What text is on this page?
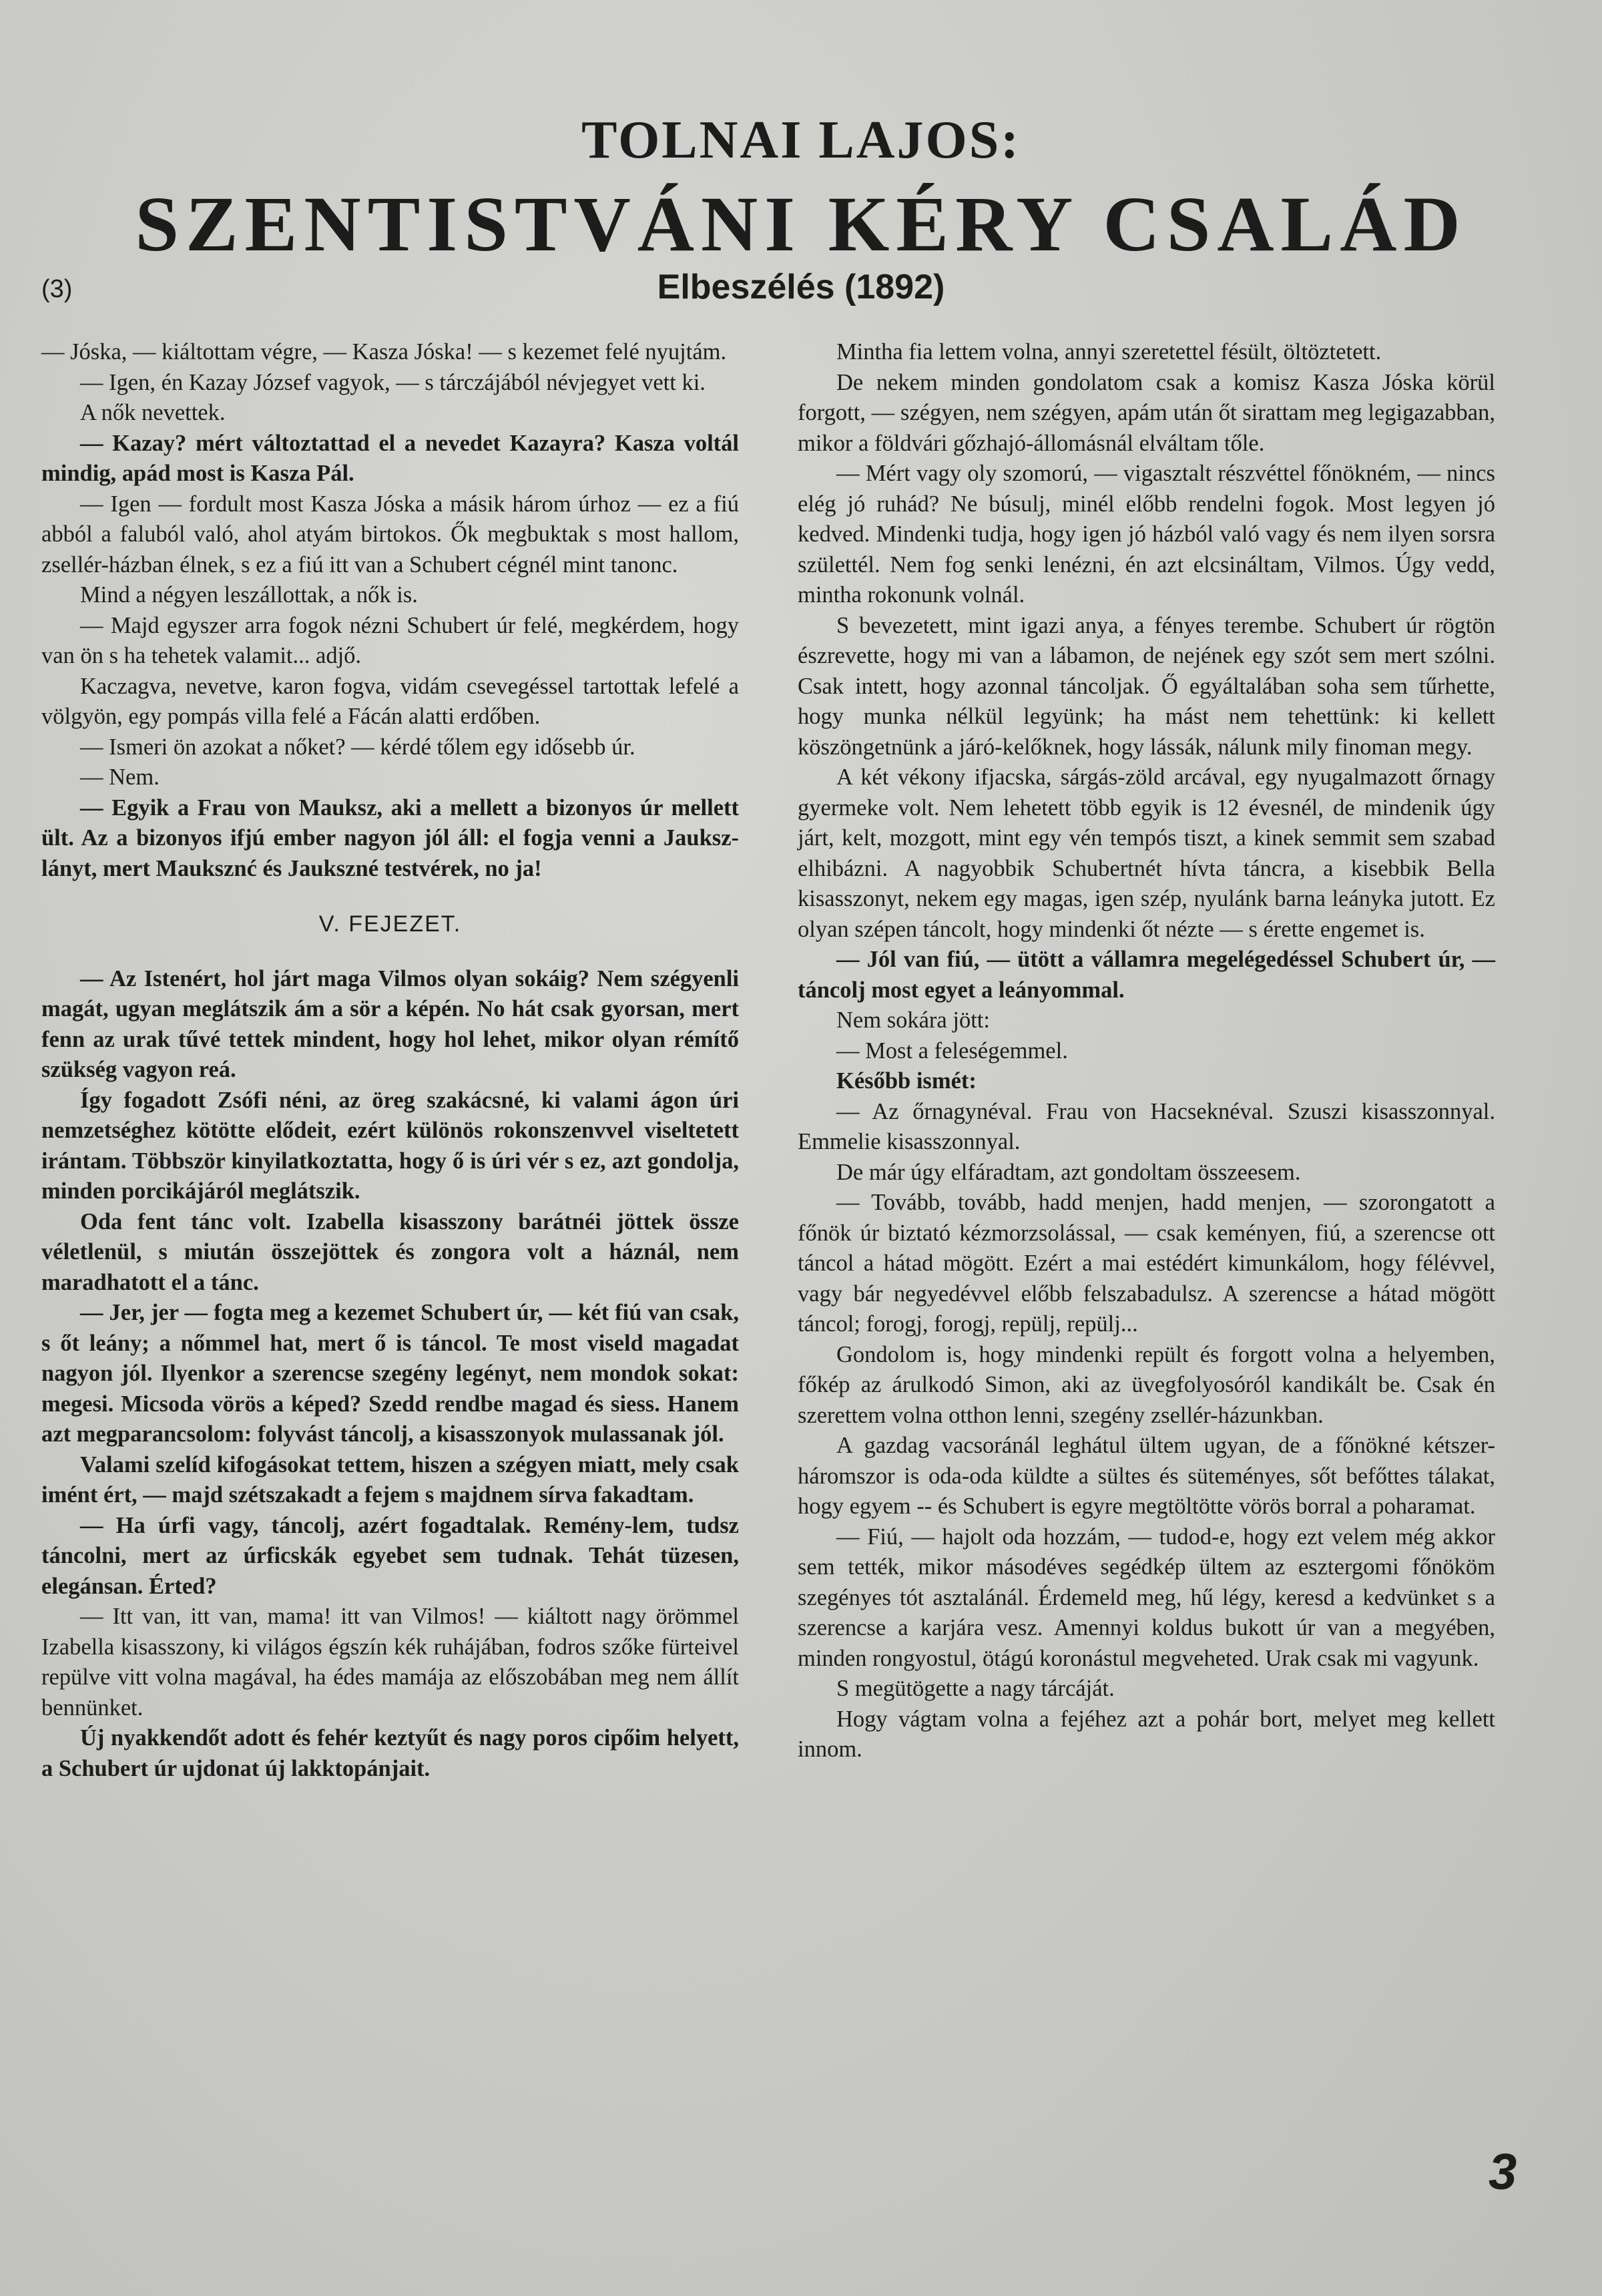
TOLNAI LAJOS:
SZENTISTVÁNI KÉRY CSALÁD
(3)	Elbeszélés (1892)

— Jóska, — kiáltottam végre, — Kasza Jóska! — s kezemet felé nyujtám.

— Igen, én Kazay József vagyok, — s tárczájából névjegyet vett ki.

A nők nevettek.

— Kazay? mért változtattad el a nevedet Kazayra? Kasza voltál mindig, apád most is Kasza Pál.

— Igen — fordult most Kasza Jóska a másik három úrhoz — ez a fiú abból a faluból való, ahol atyám birtokos. Ők megbuktak s most hallom, zsellér-házban élnek, s ez a fiú itt van a Schubert cégnél mint tanonc.

Mind a négyen leszállottak, a nők is.

— Majd egyszer arra fogok nézni Schubert úr felé, megkérdem, hogy van ön s ha tehetek valamit... adjő.

Kaczagva, nevetve, karon fogva, vidám csevegéssel tartottak lefelé a völgyön, egy pompás villa felé a Fácán alatti erdőben.

— Ismeri ön azokat a nőket? — kérdé tőlem egy idősebb úr.

— Nem.

— Egyik a Frau von Mauksz, aki a mellett a bizonyos úr mellett ült. Az a bizonyos ifjú ember nagyon jól áll: el fogja venni a Jauksz-lányt, mert Mauksznć és Jaukszné testvérek, no ja!

V. FEJEZET.

— Az Istenért, hol járt maga Vilmos olyan sokáig? Nem szégyenli magát, ugyan meglátszik ám a sör a képén. No hát csak gyorsan, mert fenn az urak tűvé tettek mindent, hogy hol lehet, mikor olyan rémítő szükség vagyon reá.

Így fogadott Zsófi néni, az öreg szakácsné, ki valami ágon úri nemzetséghez kötötte elődeit, ezért különös rokonszenvvel viseltetett irántam. Többször kinyilatkoztatta, hogy ő is úri vér s ez, azt gondolja, minden porcikájáról meglátszik.

Oda fent tánc volt. Izabella kisasszony barátnéi jöttek össze véletlenül, s miután összejöttek és zongora volt a háznál, nem maradhatott el a tánc.

— Jer, jer — fogta meg a kezemet Schubert úr, — két fiú van csak, s őt leány; a nőmmel hat, mert ő is táncol. Te most viseld magadat nagyon jól. Ilyenkor a szerencse szegény legényt, nem mondok sokat: megesi. Micsoda vörös a képed? Szedd rendbe magad és siess. Hanem azt megparancsolom: folyvást táncolj, a kisasszonyok mulassanak jól.

Valami szelíd kifogásokat tettem, hiszen a szégyen miatt, mely csak imént ért, — majd szétszakadt a fejem s majdnem sírva fakadtam.

— Ha úrfi vagy, táncolj, azért fogadtalak. Remény-lem, tudsz táncolni, mert az úrficskák egyebet sem tudnak. Tehát tüzesen, elegánsan. Érted?

— Itt van, itt van, mama! itt van Vilmos! — kiáltott nagy örömmel Izabella kisasszony, ki világos égszín kék ruhájában, fodros szőke fürteivel repülve vitt volna magával, ha édes mamája az előszobában meg nem állít bennünket.

Új nyakkendőt adott és fehér keztyűt és nagy poros cipőim helyett, a Schubert úr ujdonat új lakktopánjait.

Mintha fia lettem volna, annyi szeretettel fésült, öltöztetett.

De nekem minden gondolatom csak a komisz Kasza Jóska körül forgott, — szégyen, nem szégyen, apám után őt sirattam meg legigazabban, mikor a földvári gőzhajó-állomásnál elváltam tőle.

— Mért vagy oly szomorú, — vigasztalt részvéttel főnökném, — nincs elég jó ruhád? Ne búsulj, minél előbb rendelni fogok. Most legyen jó kedved. Mindenki tudja, hogy igen jó házból való vagy és nem ilyen sorsra születtél. Nem fog senki lenézni, én azt elcsináltam, Vilmos. Úgy vedd, mintha rokonunk volnál.

S bevezetett, mint igazi anya, a fényes terembe. Schubert úr rögtön észrevette, hogy mi van a lábamon, de nejének egy szót sem mert szólni. Csak intett, hogy azonnal táncoljak. Ő egyáltalában soha sem tűrhette, hogy munka nélkül legyünk; ha mást nem tehettünk: ki kellett köszöngetnünk a járó-kelőknek, hogy lássák, nálunk mily finoman megy.

A két vékony ifjacska, sárgás-zöld arcával, egy nyugalmazott őrnagy gyermeke volt. Nem lehetett több egyik is 12 évesnél, de mindenik úgy járt, kelt, mozgott, mint egy vén tempós tiszt, a kinek semmit sem szabad elhibázni. A nagyobbik Schubertnét hívta táncra, a kisebbik Bella kisasszonyt, nekem egy magas, igen szép, nyulánk barna leányka jutott. Ez olyan szépen táncolt, hogy mindenki őt nézte — s érette engemet is.

— Jól van fiú, — ütött a vállamra megelégedéssel Schubert úr, — táncolj most egyet a leányommal.

Nem sokára jött:

— Most a feleségemmel.

Később ismét:

— Az őrnagynéval. Frau von Hacseknéval. Szuszi kisasszonnyal. Emmelie kisasszonnyal.

De már úgy elfáradtam, azt gondoltam összeesem.

— Tovább, tovább, hadd menjen, hadd menjen, — szorongatott a főnök úr biztató kézmorzsolással, — csak keményen, fiú, a szerencse ott táncol a hátad mögött. Ezért a mai estédért kimunkálom, hogy félévvel, vagy bár negyedévvel előbb felszabadulsz. A szerencse a hátad mögött táncol; forogj, forogj, repülj, repülj...

Gondolom is, hogy mindenki repült és forgott volna a helyemben, főkép az árulkodó Simon, aki az üvegfolyosóról kandikált be. Csak én szerettem volna otthon lenni, szegény zsellér-házunkban.

A gazdag vacsoránál leghátul ültem ugyan, de a főnökné kétszer-háromszor is oda-oda küldte a sültes és süteményes, sőt befőttes tálakat, hogy egyem -- és Schubert is egyre megtöltötte vörös borral a poharamat.

— Fiú, — hajolt oda hozzám, — tudod-e, hogy ezt velem még akkor sem tették, mikor másodéves segédkép ültem az esztergomi főnököm szegényes tót asztalánál. Érdemeld meg, hű légy, keresd a kedvünket s a szerencse a karjára vesz. Amennyi koldus bukott úr van a megyében, minden rongyostul, ötágú koronástul megveheted. Urak csak mi vagyunk.

S megütögette a nagy tárcáját.

Hogy vágtam volna a fejéhez azt a pohár bort, melyet meg kellett innom.

3
